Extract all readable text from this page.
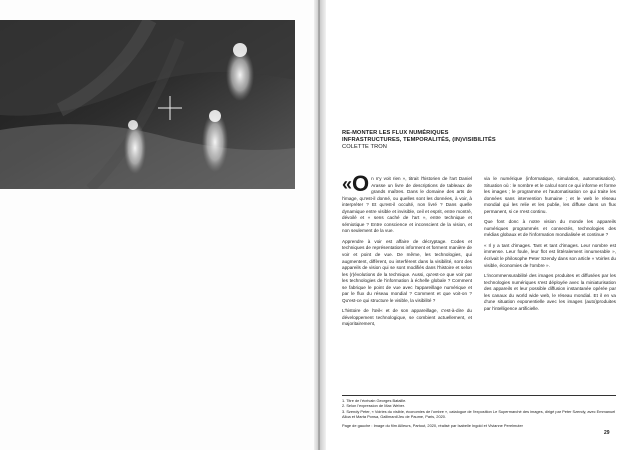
RE-MONTER LES FLUX NUMÉRIQUES
INFRASTRUCTURES, TEMPORALITÉS, (IN)VISIBILITÉS
COLETTE TRON

«O n n'y voit rien », titrait l'historien de l'art Daniel Arasse un livre de descriptions de tableaux de grands maîtres. Dans le domaine des arts de l'image, qu'est-il donné, ou quelles sont les données, à voir, à interpréter ? Et qu'est-il occulté, non livré ? Dans quelle dynamique entre visible et invisible, ceil et esprit, entre montré, dévoilé et « sens caché de l'art », entre technique et sémiotique ? Entre conscience et inconscient de la vision, et non seulement de la vue.

Apprendre à voir est affaire de décryptage. Codes et techniques de représentations informent et forment manière de voir et point de vue. De même, les technologies, qui augmentent, diffèrent, ou interfèrent dans la visibilité, sont des appareils de vision qui se sont modifiés dans l'histoire et selon les (r)évolutions de la technique. Aussi, qu'est-ce que voir par les technologies de l'information à échelle globale ? Comment se fabrique le point de vue avec l'appareillage numérique et par le flux du réseau mondial ? Comment et que voit-on ? Qu'est-ce qui structure le visible, la visibilité ?

L'histoire de l'œil« et de son appareillage, c'est-à-dire du développement technologique, se combient actuellement, et majoritairement,

via le numérique (informatique, simulation, automatisation). Situation où : le nombre et le calcul sont ce qui informe et forme les images ; le programme et l'automatisation ce qui traite les données sans intervention humaine ; et le web le réseau mondial qui les relie et les publie, les diffuse dans un flux permanent, si ce n'est continu.

Que font donc à notre vision du monde les appareils numériques programmés et connectés, technologies des médias globaux et de l'information mondialisée et continue ?

« Il y a tant d'images. Tant et tant d'images. Leur nombre est immense. Leur foule, leur flot est littéralement innumerable », écrivait le philosophe Peter Szendy dans son article « Voirles du visible, économies de l'ombre ».

L'incommensurabilité des images produites et diffusées par les technologies numériques s'est déployée avec la miniaturisation des appareils et leur possible diffusion instantanée opérée par les canaux du world wide web, le réseau mondial. Et il en va d'une situation exponentielle avec les images (auto)produites par l'intelligence artificielle.

1. Titre de l'écrivain Georges Bataille.

2. Selon l'expression de Max Weber.

3. Szendy Peter, « Voiries du visible, économies de l'ombre », catalogue de l'exposition Le Supermarché des images, dirigé par Peter Szendy, avec Emmanuel Alloa et Marta Ponsa, Gallimard/Jeu de Paume, Paris, 2020.

Page de gauche : Image du film Ailleurs, Partout, 2020, réalisé par Isabelle Ingold et Vivianne Perelmuter

29
